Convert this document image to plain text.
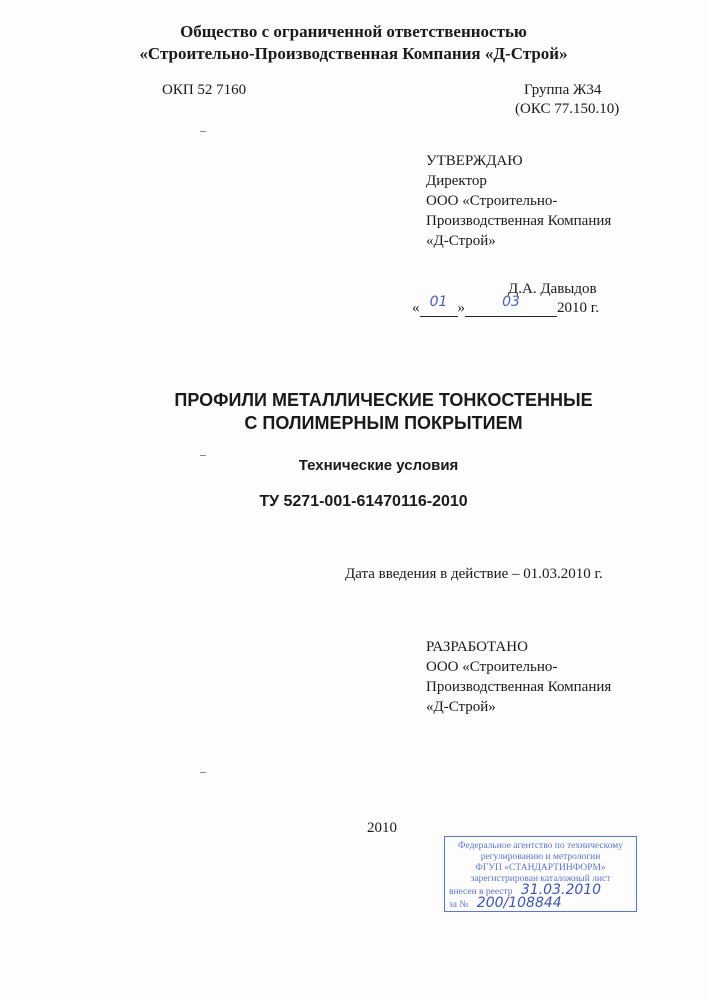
Общество с ограниченной ответственностью
«Строительно-Производственная Компания «Д-Строй»
ОКП 52 7160	Группа Ж34
(ОКС 77.150.10)
УТВЕРЖДАЮ
Директор
ООО «Строительно-
Производственная Компания
«Д-Строй»
Д.А. Давыдов
« 01 »	03 2010 г.
ПРОФИЛИ МЕТАЛЛИЧЕСКИЕ ТОНКОСТЕННЫЕ
С ПОЛИМЕРНЫМ ПОКРЫТИЕМ
Технические условия
ТУ 5271-001-61470116-2010
Дата введения в действие – 01.03.2010 г.
РАЗРАБОТАНО
ООО «Строительно-
Производственная Компания
«Д-Строй»
2010
Федеральное агентство по техническому
регулированию и метрологии
ФГУП «СТАНДАРТИНФОРМ»
зарегистрирован каталожный лист
внесен в реестр 31.03.2010
за № 200/108844
